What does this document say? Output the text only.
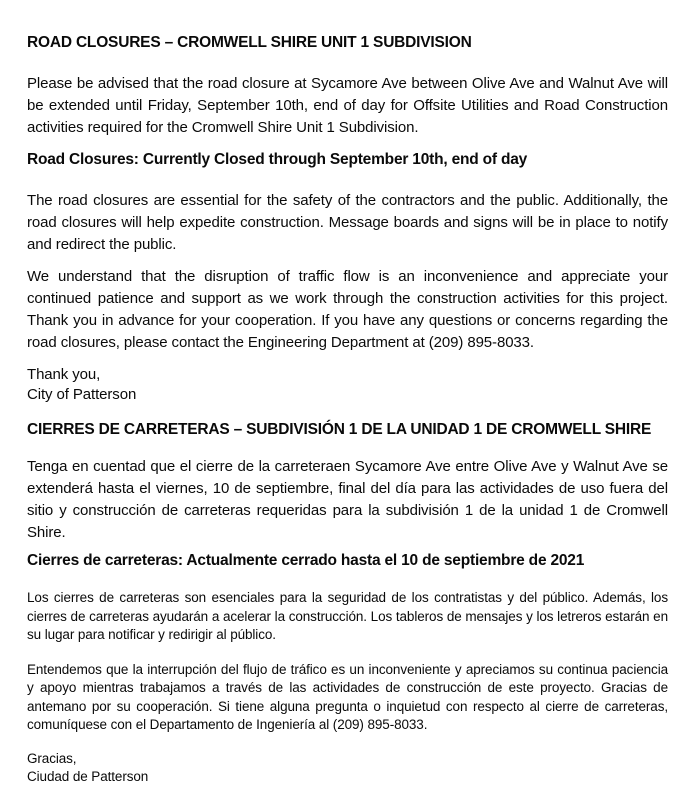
ROAD CLOSURES – CROMWELL SHIRE UNIT 1 SUBDIVISION

Please be advised that the road closure at Sycamore Ave between Olive Ave and Walnut Ave will be extended until Friday, September 10th, end of day for Offsite Utilities and Road Construction activities required for the Cromwell Shire Unit 1 Subdivision.

Road Closures: Currently Closed through September 10th, end of day

The road closures are essential for the safety of the contractors and the public. Additionally, the road closures will help expedite construction. Message boards and signs will be in place to notify and redirect the public.

We understand that the disruption of traffic flow is an inconvenience and appreciate your continued patience and support as we work through the construction activities for this project. Thank you in advance for your cooperation. If you have any questions or concerns regarding the road closures, please contact the Engineering Department at (209) 895-8033.

Thank you,
City of Patterson
CIERRES DE CARRETERAS – SUBDIVISIÓN 1 DE LA UNIDAD 1 DE CROMWELL SHIRE

Tenga en cuentad que el cierre de la carreteraen Sycamore Ave entre Olive Ave y Walnut Ave se extenderá hasta el viernes, 10 de septiembre, final del día para las actividades de uso fuera del sitio y construcción de carreteras requeridas para la subdivisión 1 de la unidad 1 de Cromwell Shire.

Cierres de carreteras: Actualmente cerrado hasta el 10 de septiembre de 2021

Los cierres de carreteras son esenciales para la seguridad de los contratistas y del público. Además, los cierres de carreteras ayudarán a acelerar la construcción. Los tableros de mensajes y los letreros estarán en su lugar para notificar y redirigir al público.

Entendemos que la interrupción del flujo de tráfico es un inconveniente y apreciamos su continua paciencia y apoyo mientras trabajamos a través de las actividades de construcción de este proyecto. Gracias de antemano por su cooperación. Si tiene alguna pregunta o inquietud con respecto al cierre de carreteras, comuníquese con el Departamento de Ingeniería al (209) 895-8033.

Gracias,
Ciudad de Patterson
